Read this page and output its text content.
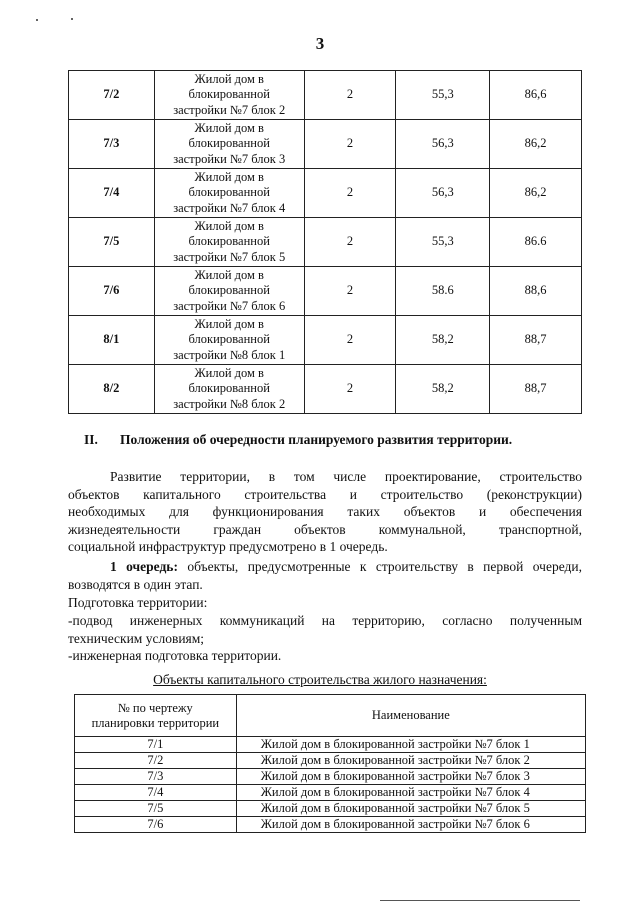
3
7/2	Жилой дом в
блокированной
застройки №7 блок 2	2	55,3	86,6
7/3	Жилой дом в
блокированной
застройки №7 блок 3	2	56,3	86,2
7/4	Жилой дом в
блокированной
застройки №7 блок 4	2	56,3	86,2
7/5	Жилой дом в
блокированной
застройки №7 блок 5	2	55,3	86.6
7/6	Жилой дом в
блокированной
застройки №7 блок 6	2	58.6	88,6
8/1	Жилой дом в
блокированной
застройки №8 блок 1	2	58,2	88,7
8/2	Жилой дом в
блокированной
застройки №8 блок 2	2	58,2	88,7
II. Положения об очередности планируемого развития территории.
Развитие территории, в том числе проектирование, строительство
объектов капитального строительства и строительство (реконструкции)
необходимых для функционирования таких объектов и обеспечения
жизнедеятельности граждан объектов коммунальной, транспортной,
социальной инфраструктур предусмотрено в 1 очередь.
1 очередь: объекты, предусмотренные к строительству в первой очереди,
возводятся в один этап.
Подготовка территории:
-подвод инженерных коммуникаций на территорию, согласно полученным
техническим условиям;
-инженерная подготовка территории.
Объекты капитального строительства жилого назначения:
№ по чертежу
планировки территории	Наименование
7/1	Жилой дом в блокированной застройки №7 блок 1
7/2	Жилой дом в блокированной застройки №7 блок 2
7/3	Жилой дом в блокированной застройки №7 блок 3
7/4	Жилой дом в блокированной застройки №7 блок 4
7/5	Жилой дом в блокированной застройки №7 блок 5
7/6	Жилой дом в блокированной застройки №7 блок 6
